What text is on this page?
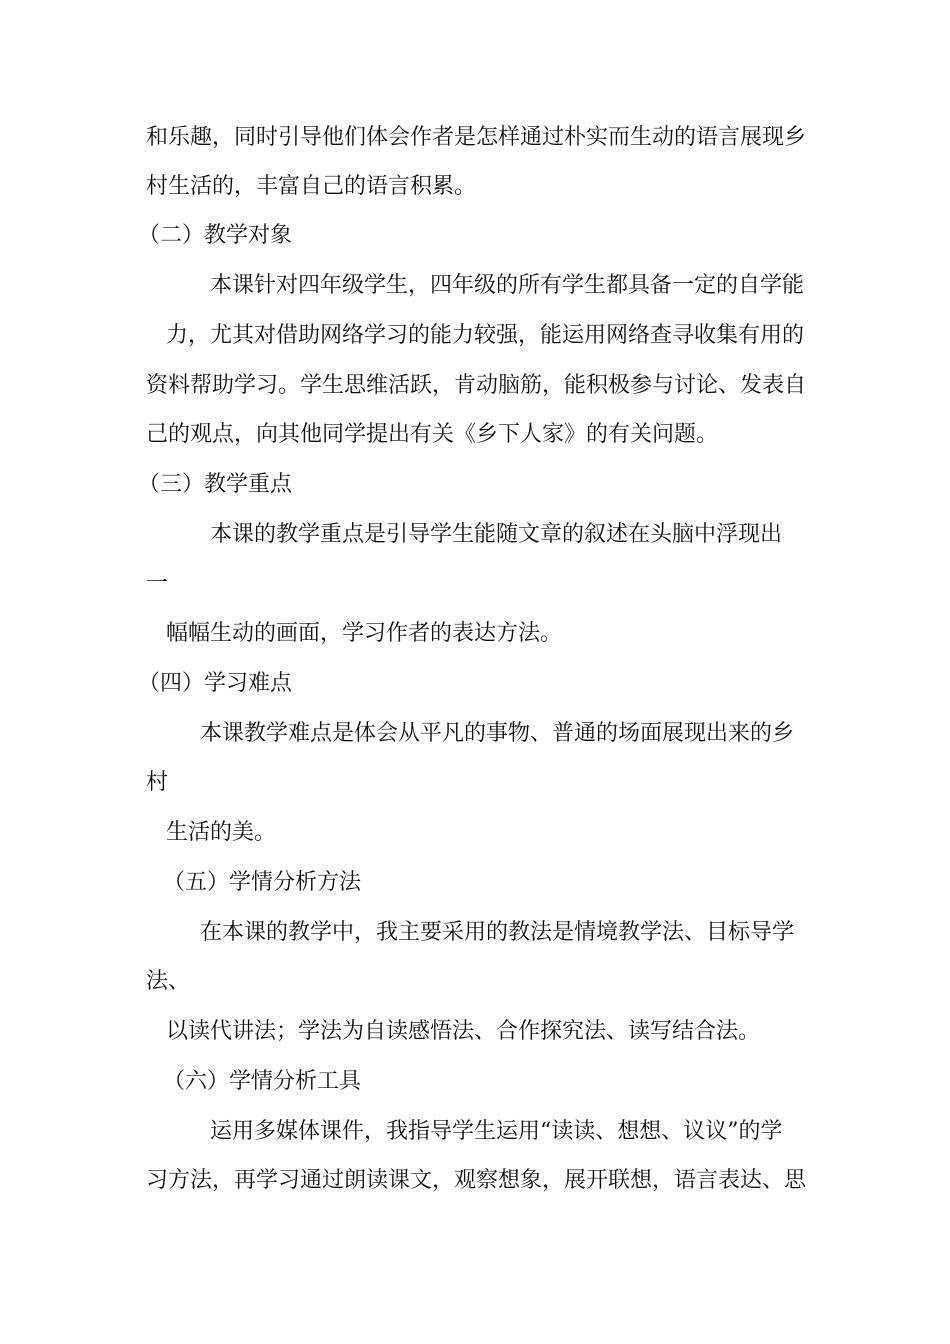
和乐趣，同时引导他们体会作者是怎样通过朴实而生动的语言展现乡
村生活的，丰富自己的语言积累。
（二）教学对象
本课针对四年级学生，四年级的所有学生都具备一定的自学能
力，尤其对借助网络学习的能力较强，能运用网络查寻收集有用的
资料帮助学习。学生思维活跃，肯动脑筋，能积极参与讨论、发表自
己的观点，向其他同学提出有关《乡下人家》的有关问题。
（三）教学重点
本课的教学重点是引导学生能随文章的叙述在头脑中浮现出
一
幅幅生动的画面，学习作者的表达方法。
（四）学习难点
本课教学难点是体会从平凡的事物、普通的场面展现出来的乡
村
生活的美。
（五）学情分析方法
在本课的教学中，我主要采用的教法是情境教学法、目标导学
法、
以读代讲法；学法为自读感悟法、合作探究法、读写结合法。
（六）学情分析工具
运用多媒体课件，我指导学生运用“读读、想想、议议”的学
习方法，再学习通过朗读课文，观察想象，展开联想，语言表达、思
